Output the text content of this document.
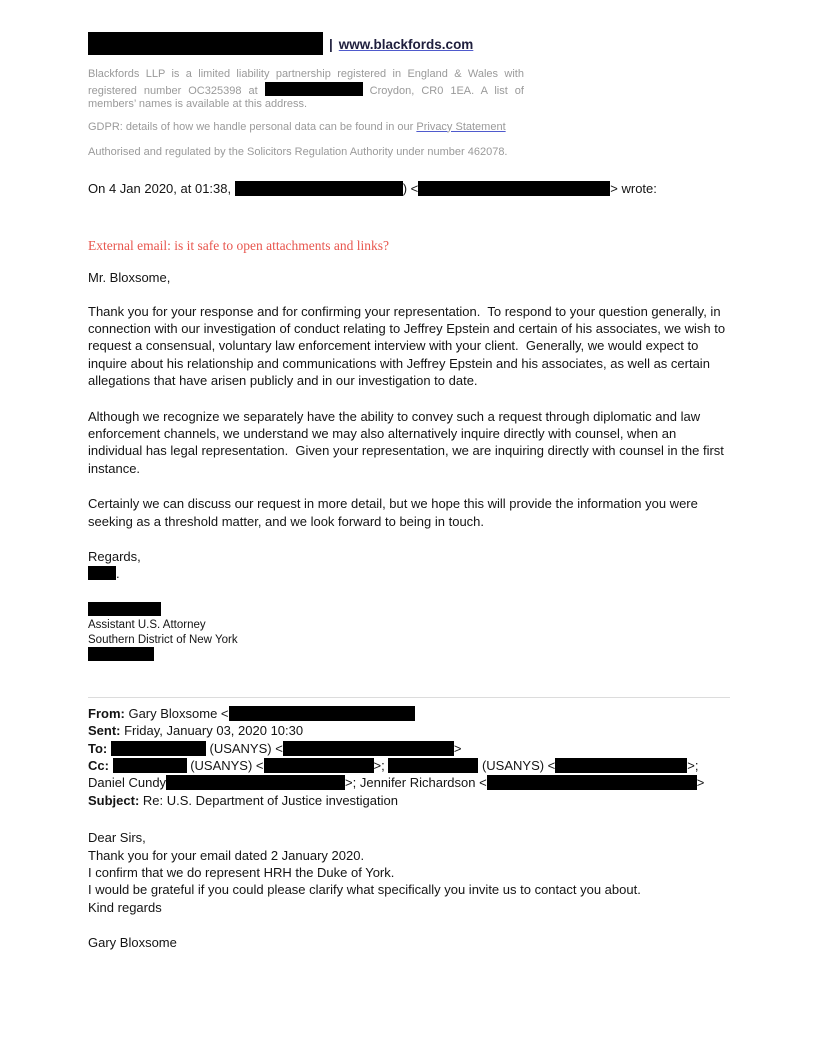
| www.blackfords.com

Blackfords LLP is a limited liability partnership registered in England & Wales with registered number OC325398 at	Croydon, CR0 1EA. A list of members’ names is available at this address.

GDPR: details of how we handle personal data can be found in our Privacy Statement

Authorised and regulated by the Solicitors Regulation Authority under number 462078.

On 4 Jan 2020, at 01:38,	) <	> wrote:
External email: is it safe to open attachments and links?
Mr. Bloxsome,

Thank you for your response and for confirming your representation.  To respond to your question generally, in connection with our investigation of conduct relating to Jeffrey Epstein and certain of his associates, we wish to request a consensual, voluntary law enforcement interview with your client.  Generally, we would expect to inquire about his relationship and communications with Jeffrey Epstein and his associates, as well as certain allegations that have arisen publicly and in our investigation to date.

Although we recognize we separately have the ability to convey such a request through diplomatic and law enforcement channels, we understand we may also alternatively inquire directly with counsel, when an individual has legal representation.  Given your representation, we are inquiring directly with counsel in the first instance.

Certainly we can discuss our request in more detail, but we hope this will provide the information you were seeking as a threshold matter, and we look forward to being in touch.

Regards,
.
Assistant U.S. Attorney
Southern District of New York
From: Gary Bloxsome <
Sent: Friday, January 03, 2020 10:30
To:	(USANYS) <	>
Cc:	(USANYS) <	>;	(USANYS) <	>; Daniel Cundy	>; Jennifer Richardson <	>
Subject: Re: U.S. Department of Justice investigation
Dear Sirs,
Thank you for your email dated 2 January 2020.
I confirm that we do represent HRH the Duke of York.
I would be grateful if you could please clarify what specifically you invite us to contact you about.
Kind regards
Gary Bloxsome
